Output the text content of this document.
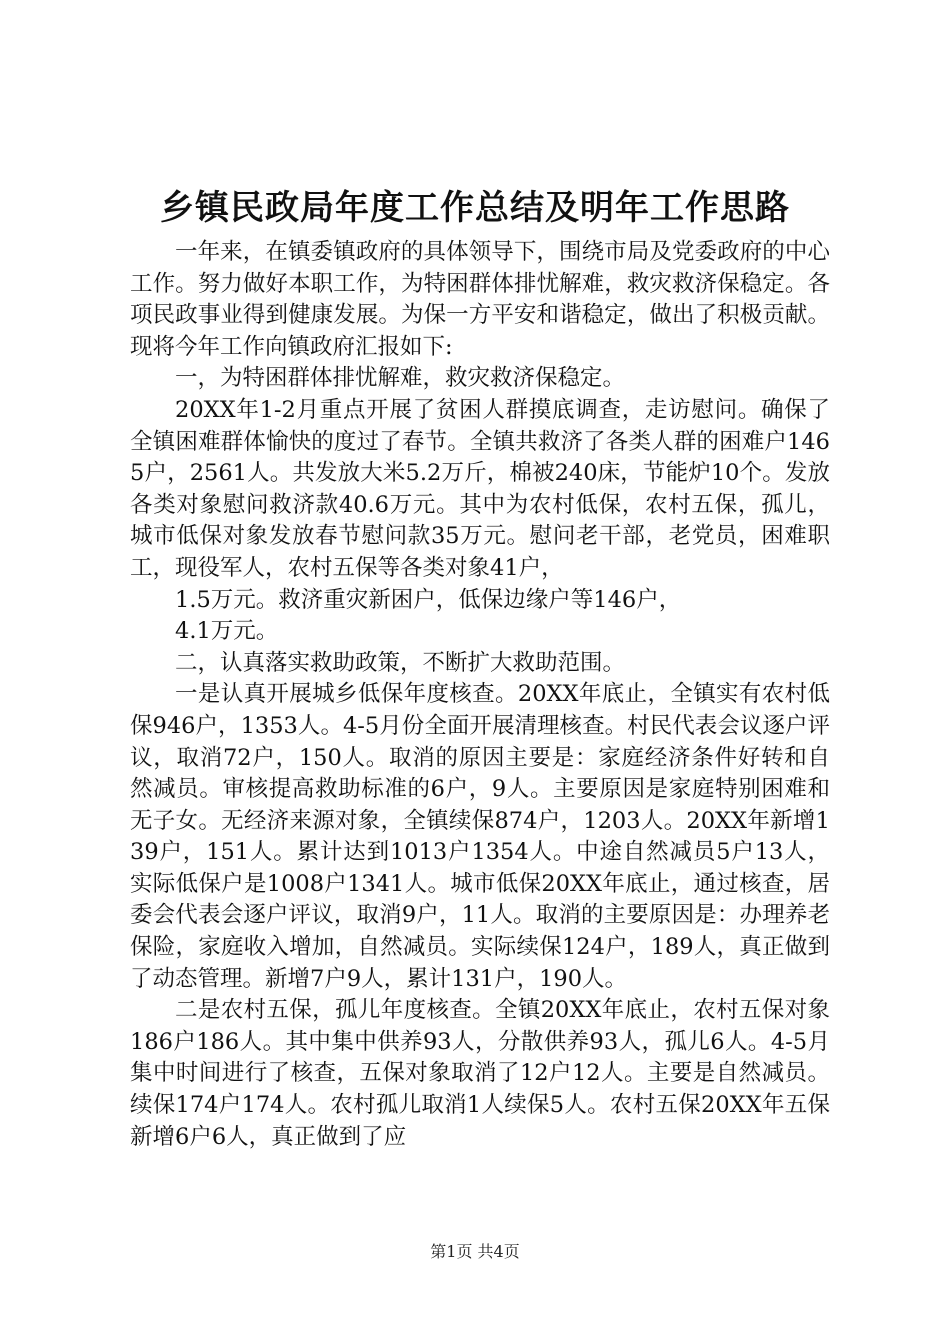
乡镇民政局年度工作总结及明年工作思路

一年来，在镇委镇政府的具体领导下，围绕市局及党委政府的中心工作。努力做好本职工作，为特困群体排忧解难，救灾救济保稳定。各项民政事业得到健康发展。为保一方平安和谐稳定，做出了积极贡献。现将今年工作向镇政府汇报如下:

一，为特困群体排忧解难，救灾救济保稳定。

20XX年1-2月重点开展了贫困人群摸底调查，走访慰问。确保了全镇困难群体愉快的度过了春节。全镇共救济了各类人群的困难户1465户，2561人。共发放大米5.2万斤，棉被240床，节能炉10个。发放各类对象慰问救济款40.6万元。其中为农村低保，农村五保，孤儿，城市低保对象发放春节慰问款35万元。慰问老干部，老党员，困难职工，现役军人，农村五保等各类对象41户，

1.5万元。救济重灾新困户，低保边缘户等146户，

4.1万元。

二，认真落实救助政策，不断扩大救助范围。

一是认真开展城乡低保年度核查。20XX年底止，全镇实有农村低保946户，1353人。4-5月份全面开展清理核查。村民代表会议逐户评议，取消72户，150人。取消的原因主要是：家庭经济条件好转和自然减员。审核提高救助标准的6户，9人。主要原因是家庭特别困难和无子女。无经济来源对象，全镇续保874户，1203人。20XX年新增139户，151人。累计达到1013户1354人。中途自然减员5户13人，实际低保户是1008户1341人。城市低保20XX年底止，通过核查，居委会代表会逐户评议，取消9户，11人。取消的主要原因是：办理养老保险，家庭收入增加，自然减员。实际续保124户，189人，真正做到了动态管理。新增7户9人，累计131户，190人。

二是农村五保，孤儿年度核查。全镇20XX年底止，农村五保对象186户186人。其中集中供养93人，分散供养93人，孤儿6人。4-5月集中时间进行了核查，五保对象取消了12户12人。主要是自然减员。续保174户174人。农村孤儿取消1人续保5人。农村五保20XX年五保新增6户6人，真正做到了应

第1页 共4页
